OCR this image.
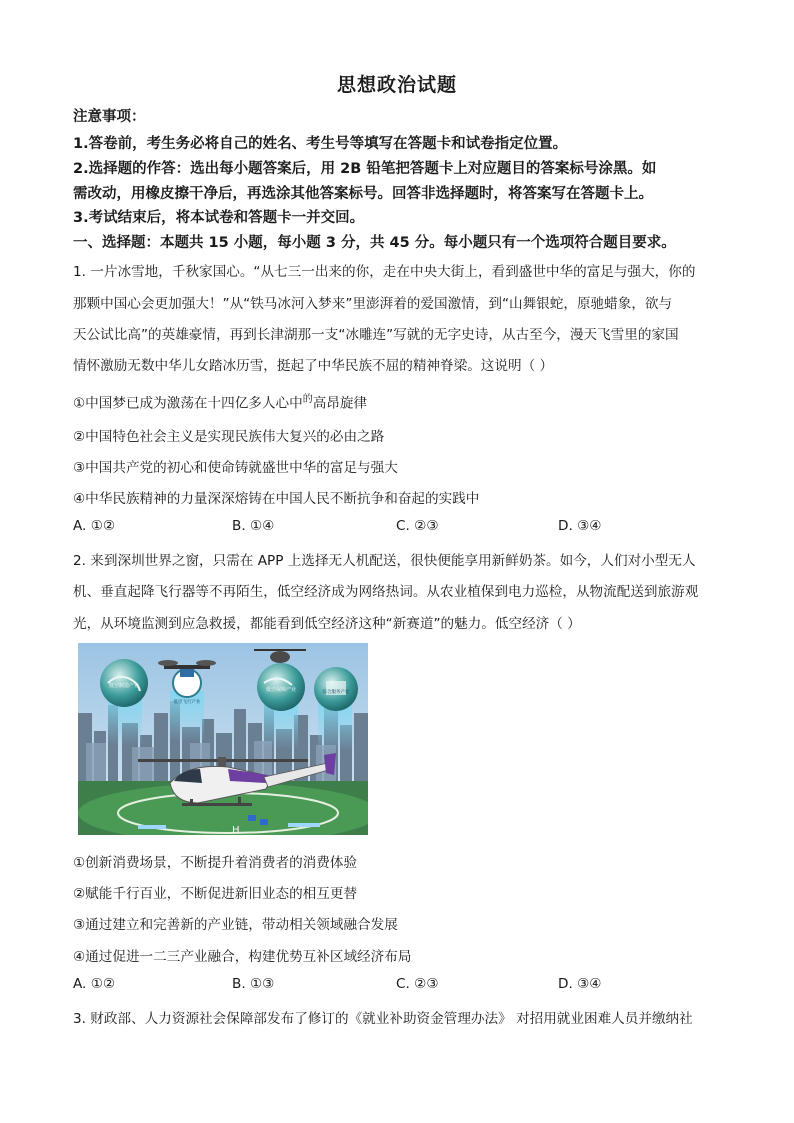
思想政治试题
注意事项：
1.答卷前，考生务必将自己的姓名、考生号等填写在答题卡和试卷指定位置。
2.选择题的作答：选出每小题答案后，用 2B 铅笔把答题卡上对应题目的答案标号涂黑。如
需改动，用橡皮擦干净后，再选涂其他答案标号。回答非选择题时，将答案写在答题卡上。
3.考试结束后，将本试卷和答题卡一并交回。
一、选择题：本题共 15 小题，每小题 3 分，共 45 分。每小题只有一个选项符合题目要求。
1. 一片冰雪地，千秋家国心。“从七三一出来的你，走在中央大街上，看到盛世中华的富足与强大，你的
那颗中国心会更加强大！”从“铁马冰河入梦来”里澎湃着的爱国激情，到“山舞银蛇，原驰蜡象，欲与
天公试比高”的英雄豪情，再到长津湖那一支“冰雕连”写就的无字史诗，从古至今，漫天飞雪里的家国
情怀激励无数中华儿女踏冰历雪，挺起了中华民族不屈的精神脊梁。这说明（ ）
①中国梦已成为激荡在十四亿多人心中$^的$高昂旋律
②中国特色社会主义是实现民族伟大复兴的必由之路
③中国共产党的初心和使命铸就盛世中华的富足与强大
④中华民族精神的力量深深熔铸在中国人民不断抗争和奋起的实践中
A. ①②	B. ①④	C. ②③	D. ③④
2. 来到深圳世界之窗，只需在 APP 上选择无人机配送，很快便能享用新鲜奶茶。如今，人们对小型无人
机、垂直起降飞行器等不再陌生，低空经济成为网络热词。从农业植保到电力巡检，从物流配送到旅游观
光，从环境监测到应急救援，都能看到低空经济这种“新赛道”的魅力。低空经济（ ）
低空制造产业
低空飞行产业
低空保障产业	综合服务产业
H
①创新消费场景，不断提升着消费者的消费体验
②赋能千行百业，不断促进新旧业态的相互更替
③通过建立和完善新的产业链，带动相关领域融合发展
④通过促进一二三产业融合，构建优势互补区域经济布局
A. ①②	B. ①③	C. ②③	D. ③④
3. 财政部、人力资源社会保障部发布了修订的《就业补助资金管理办法》 对招用就业困难人员并缴纳社
